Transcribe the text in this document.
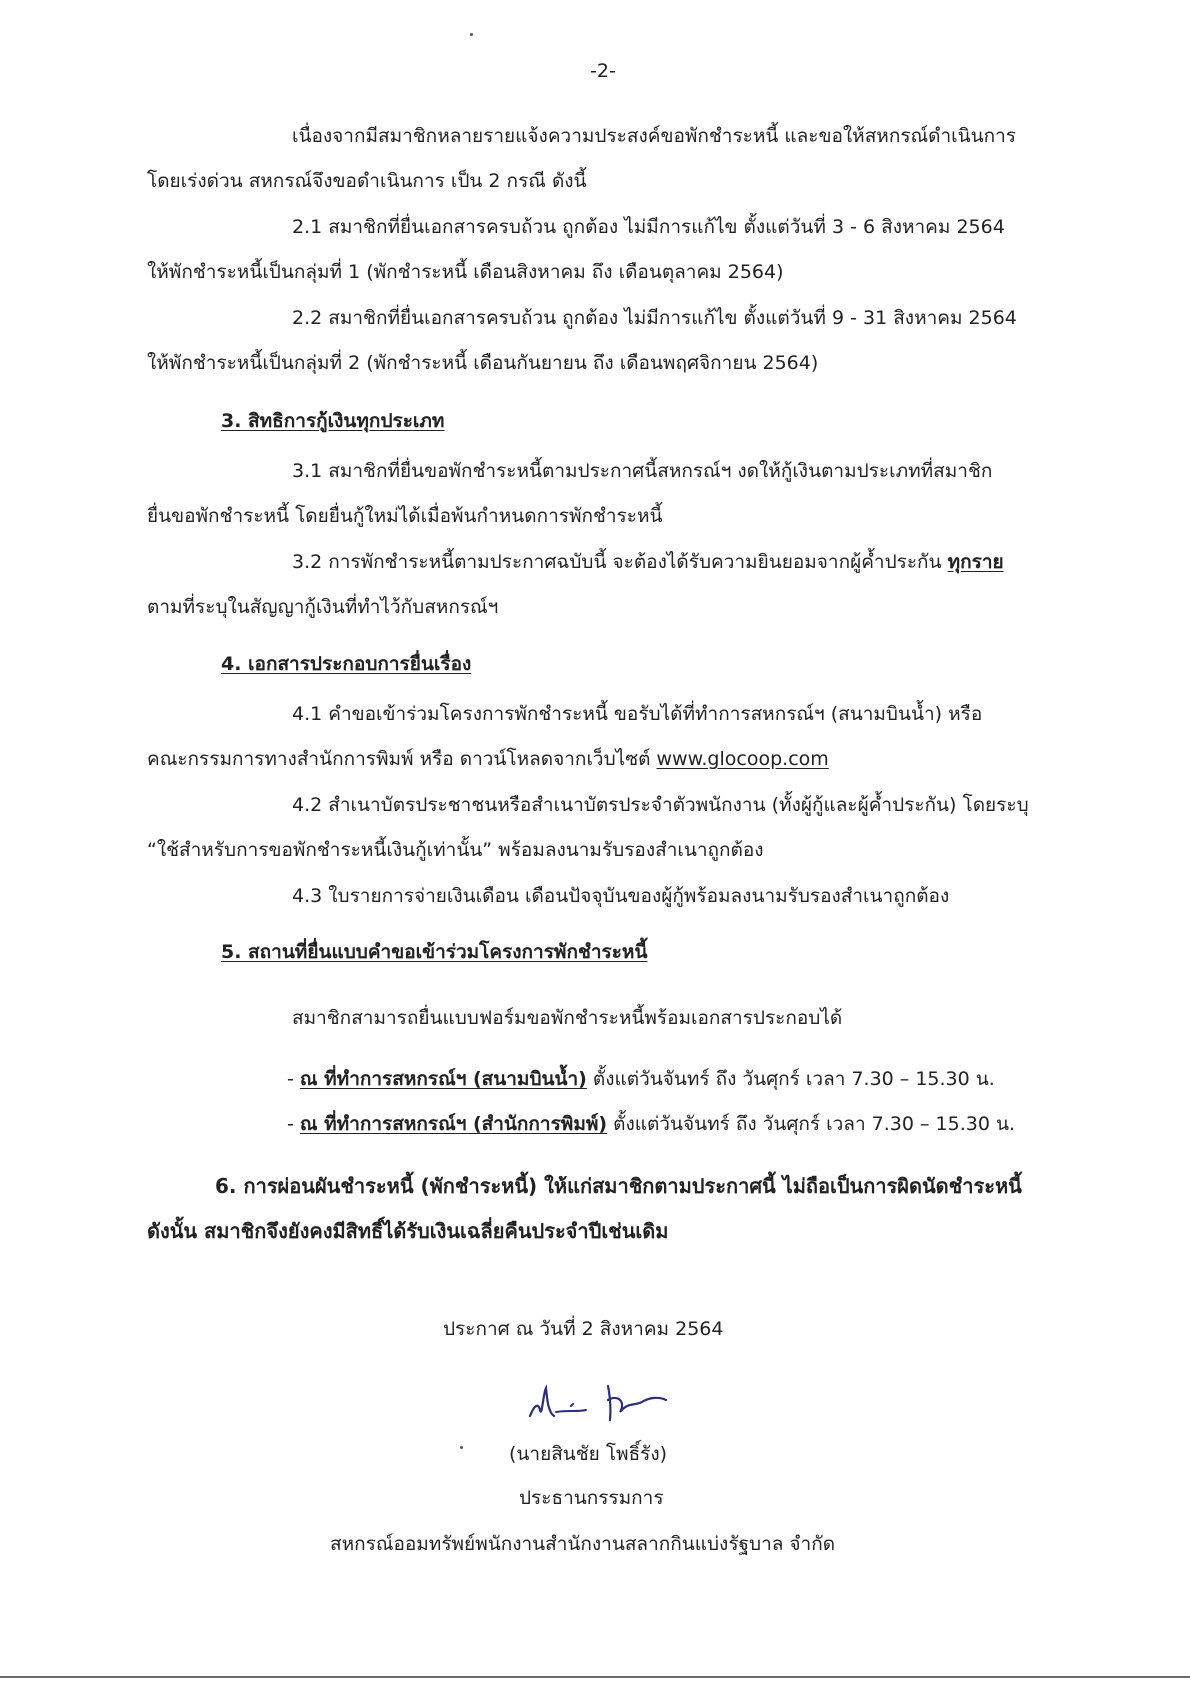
-2-
เนื่องจากมีสมาชิกหลายรายแจ้งความประสงค์ขอพักชำระหนี้ และขอให้สหกรณ์ดำเนินการ
โดยเร่งด่วน สหกรณ์จึงขอดำเนินการ เป็น 2 กรณี ดังนี้
2.1 สมาชิกที่ยื่นเอกสารครบถ้วน ถูกต้อง ไม่มีการแก้ไข ตั้งแต่วันที่ 3 - 6 สิงหาคม 2564
ให้พักชำระหนี้เป็นกลุ่มที่ 1 (พักชำระหนี้ เดือนสิงหาคม ถึง เดือนตุลาคม 2564)
2.2 สมาชิกที่ยื่นเอกสารครบถ้วน ถูกต้อง ไม่มีการแก้ไข ตั้งแต่วันที่ 9 - 31 สิงหาคม 2564
ให้พักชำระหนี้เป็นกลุ่มที่ 2 (พักชำระหนี้ เดือนกันยายน ถึง เดือนพฤศจิกายน 2564)
3. สิทธิการกู้เงินทุกประเภท
3.1 สมาชิกที่ยื่นขอพักชำระหนี้ตามประกาศนี้สหกรณ์ฯ งดให้กู้เงินตามประเภทที่สมาชิก
ยื่นขอพักชำระหนี้ โดยยื่นกู้ใหม่ได้เมื่อพ้นกำหนดการพักชำระหนี้
3.2 การพักชำระหนี้ตามประกาศฉบับนี้ จะต้องได้รับความยินยอมจากผู้ค้ำประกัน ทุกราย
ตามที่ระบุในสัญญากู้เงินที่ทำไว้กับสหกรณ์ฯ
4. เอกสารประกอบการยื่นเรื่อง
4.1 คำขอเข้าร่วมโครงการพักชำระหนี้ ขอรับได้ที่ทำการสหกรณ์ฯ (สนามบินน้ำ) หรือ
คณะกรรมการทางสำนักการพิมพ์ หรือ ดาวน์โหลดจากเว็บไซต์ www.glocoop.com
4.2 สำเนาบัตรประชาชนหรือสำเนาบัตรประจำตัวพนักงาน (ทั้งผู้กู้และผู้ค้ำประกัน) โดยระบุ
“ใช้สำหรับการขอพักชำระหนี้เงินกู้เท่านั้น” พร้อมลงนามรับรองสำเนาถูกต้อง
4.3 ใบรายการจ่ายเงินเดือน เดือนปัจจุบันของผู้กู้พร้อมลงนามรับรองสำเนาถูกต้อง
5. สถานที่ยื่นแบบคำขอเข้าร่วมโครงการพักชำระหนี้
สมาชิกสามารถยื่นแบบฟอร์มขอพักชำระหนี้พร้อมเอกสารประกอบได้
- ณ ที่ทำการสหกรณ์ฯ (สนามบินน้ำ) ตั้งแต่วันจันทร์ ถึง วันศุกร์ เวลา 7.30 – 15.30 น.
- ณ ที่ทำการสหกรณ์ฯ (สำนักการพิมพ์) ตั้งแต่วันจันทร์ ถึง วันศุกร์ เวลา 7.30 – 15.30 น.
6. การผ่อนผันชำระหนี้ (พักชำระหนี้) ให้แก่สมาชิกตามประกาศนี้ ไม่ถือเป็นการผิดนัดชำระหนี้
ดังนั้น สมาชิกจึงยังคงมีสิทธิ์ได้รับเงินเฉลี่ยคืนประจำปีเช่นเดิม
ประกาศ ณ วันที่ 2 สิงหาคม 2564
(นายสินชัย โพธิ์รัง)
ประธานกรรมการ
สหกรณ์ออมทรัพย์พนักงานสำนักงานสลากกินแบ่งรัฐบาล จำกัด
